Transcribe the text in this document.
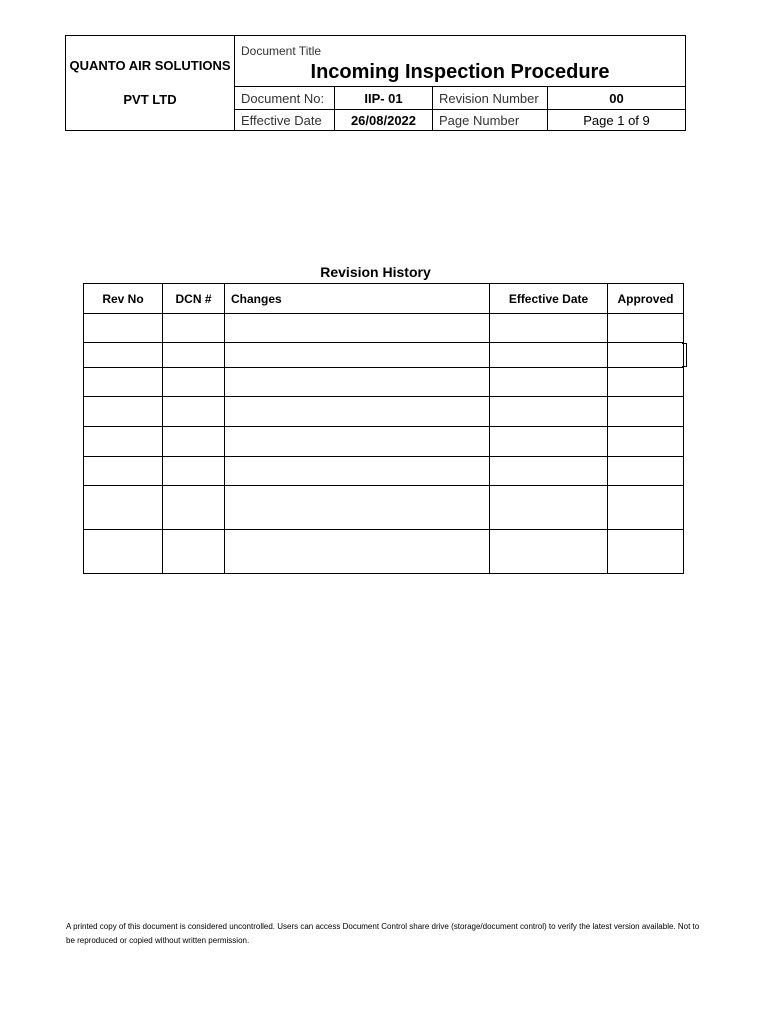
QUANTO AIR SOLUTIONS
PVT LTD
Document Title
Incoming Inspection Procedure
Document No:	IIP- 01	Revision Number	00
Effective Date	26/08/2022	Page Number	Page 1 of 9
Revision History
Rev No	DCN #	Changes	Effective Date	Approved

A printed copy of this document is considered uncontrolled. Users can access Document Control share drive (storage/document control) to verify the latest version available. Not to be reproduced or copied without written permission.
